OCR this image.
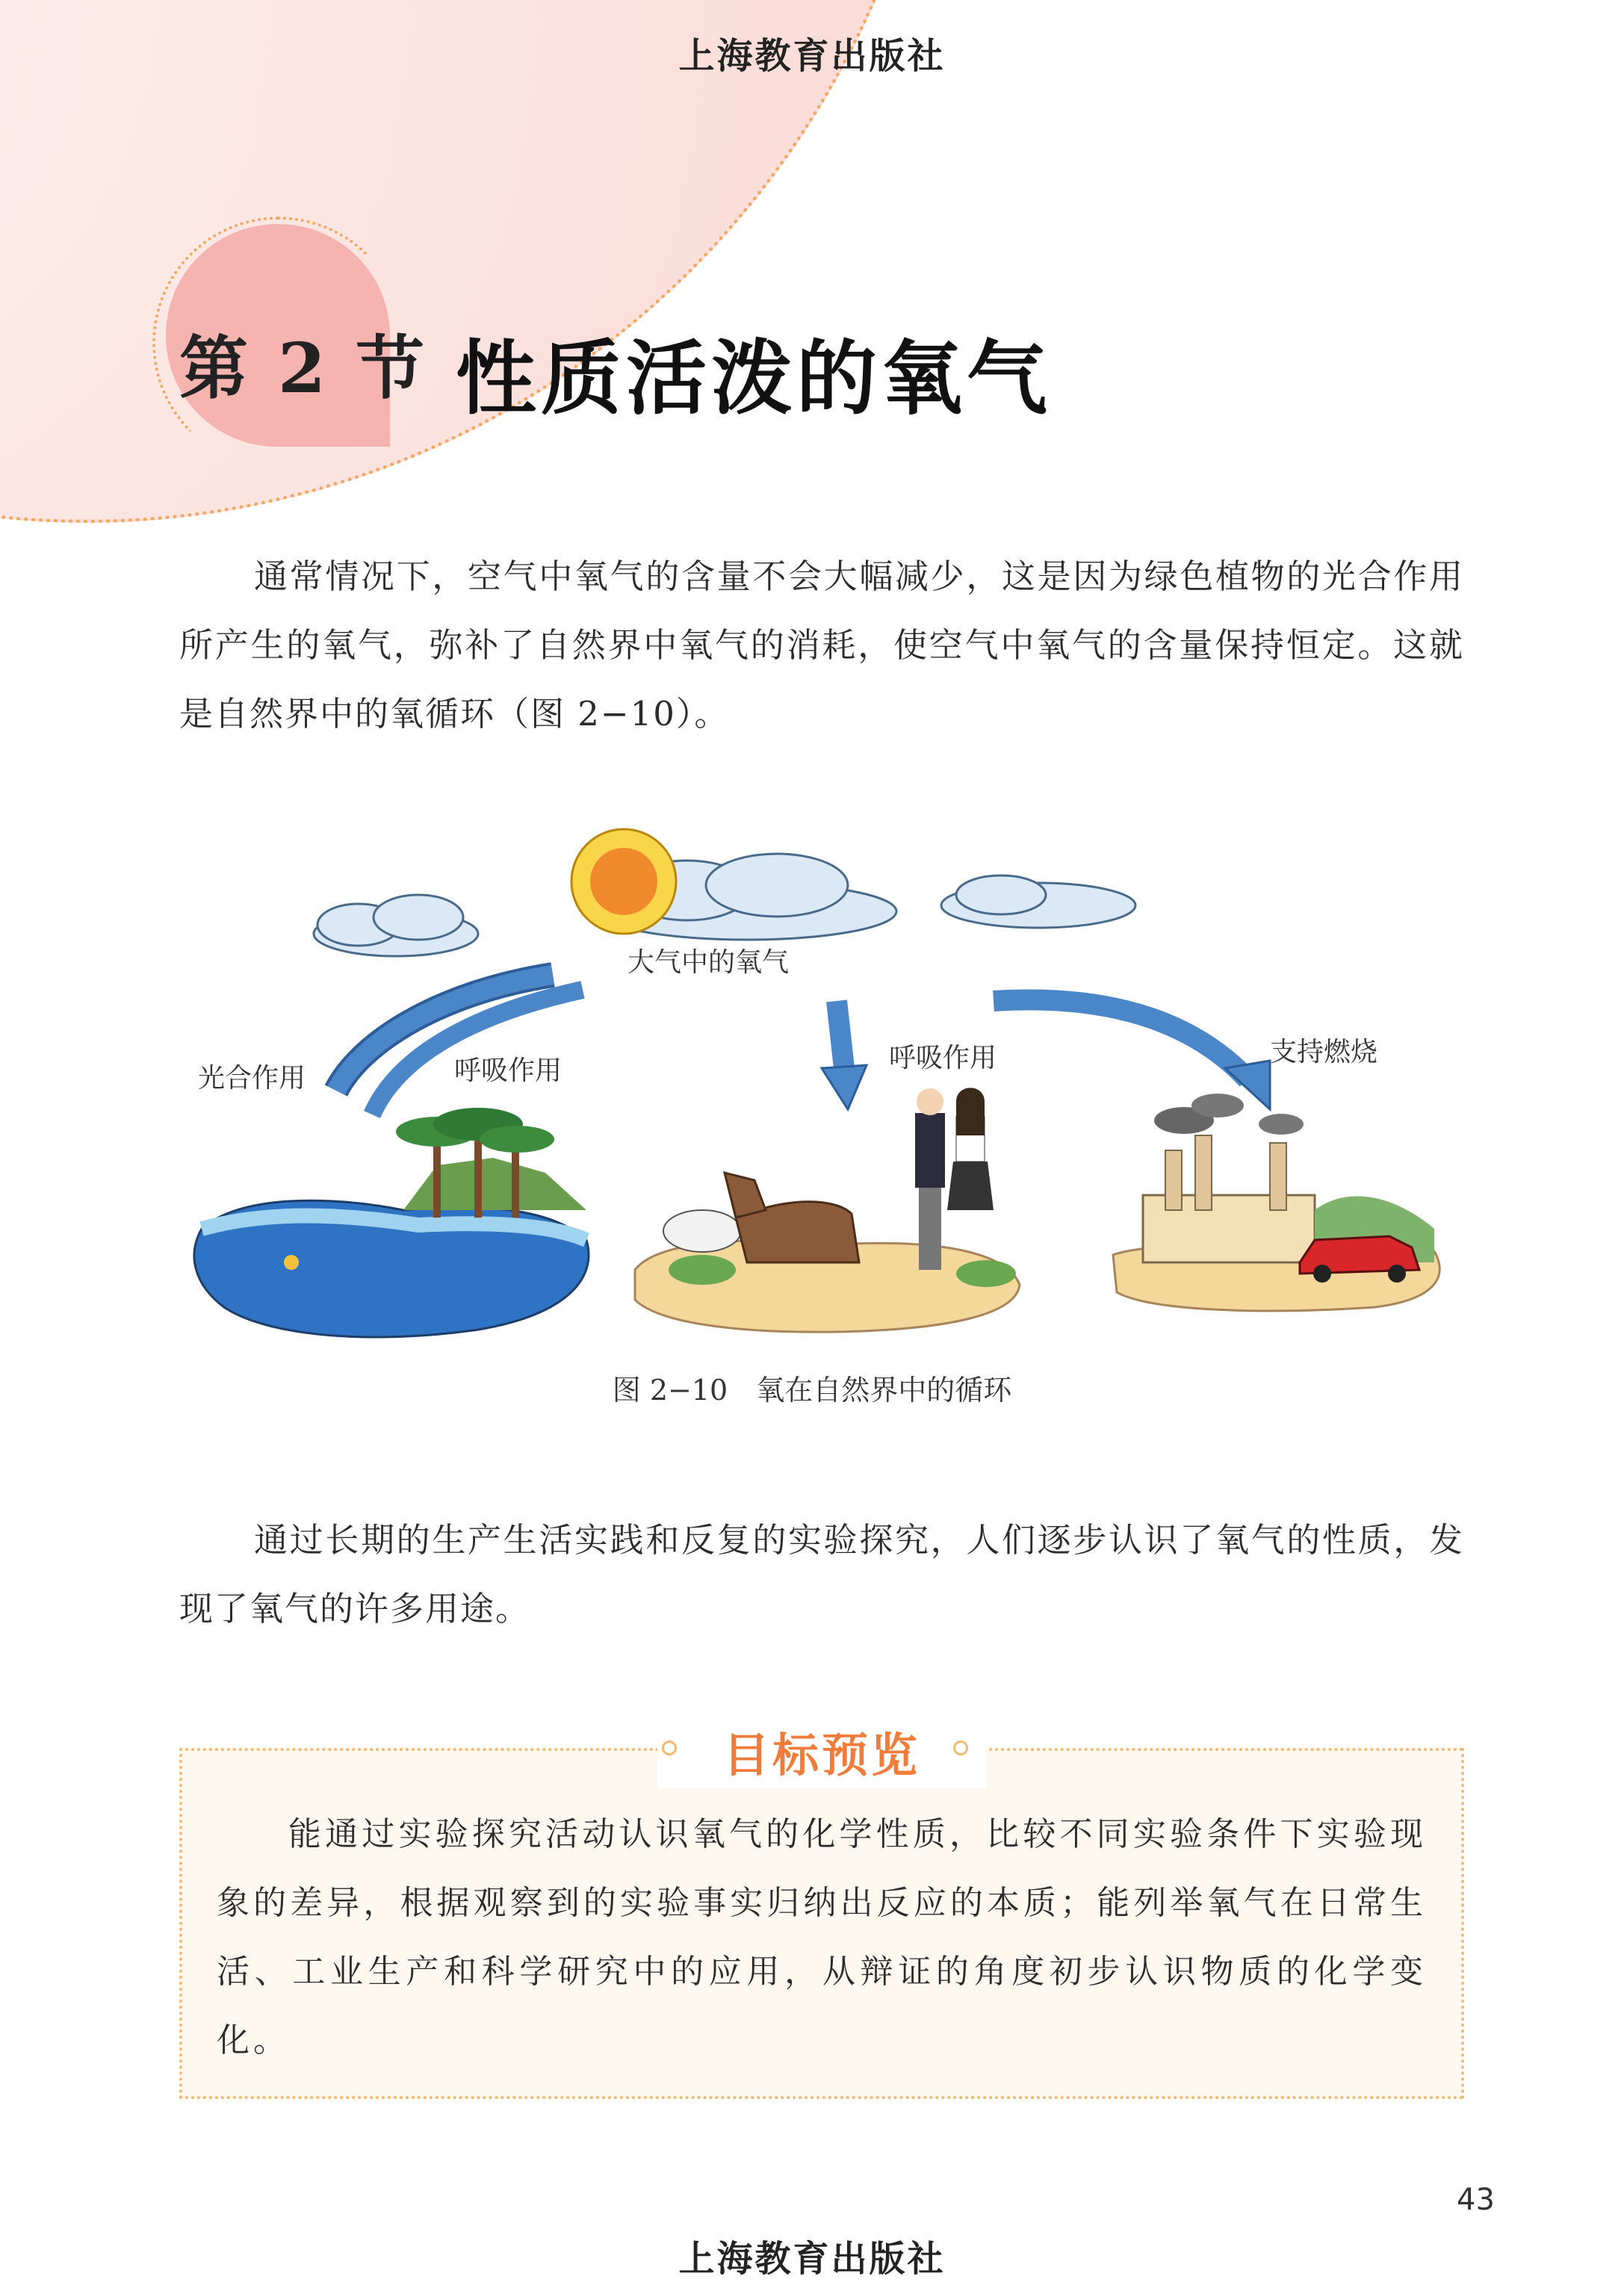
上海教育出版社
第 2 节 性质活泼的氧气
通常情况下，空气中氧气的含量不会大幅减少，这是因为绿色植物的光合作用所产生的氧气，弥补了自然界中氧气的消耗，使空气中氧气的含量保持恒定。这就是自然界中的氧循环（图 2−10）。
大气中的氧气
光合作用	呼吸作用	呼吸作用	支持燃烧
图 2−10　氧在自然界中的循环
通过长期的生产生活实践和反复的实验探究，人们逐步认识了氧气的性质，发现了氧气的许多用途。
目标预览
能通过实验探究活动认识氧气的化学性质，比较不同实验条件下实验现象的差异，根据观察到的实验事实归纳出反应的本质；能列举氧气在日常生活、工业生产和科学研究中的应用，从辩证的角度初步认识物质的化学变化。
43
上海教育出版社
